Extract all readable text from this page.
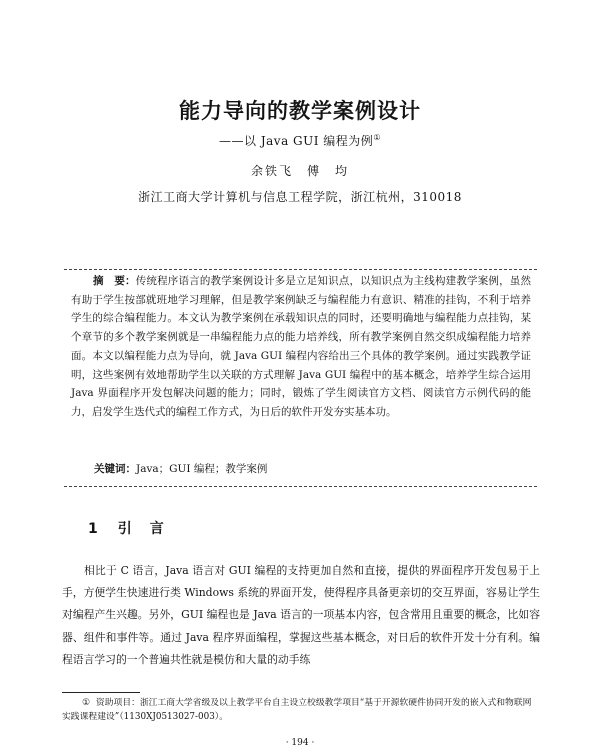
能力导向的教学案例设计
——以 Java GUI 编程为例①
余铁飞　傅　均
浙江工商大学计算机与信息工程学院，浙江杭州，310018
摘　要：传统程序语言的教学案例设计多是立足知识点，以知识点为主线构建教学案例，虽然有助于学生按部就班地学习理解，但是教学案例缺乏与编程能力有意识、精准的挂钩，不利于培养学生的综合编程能力。本文认为教学案例在承载知识点的同时，还要明确地与编程能力点挂钩，某个章节的多个教学案例就是一串编程能力点的能力培养线，所有教学案例自然交织成编程能力培养面。本文以编程能力点为导向，就 Java GUI 编程内容给出三个具体的教学案例。通过实践教学证明，这些案例有效地帮助学生以关联的方式理解 Java GUI 编程中的基本概念，培养学生综合运用 Java 界面程序开发包解决问题的能力；同时，锻炼了学生阅读官方文档、阅读官方示例代码的能力，启发学生迭代式的编程工作方式，为日后的软件开发夯实基本功。
关键词：Java；GUI 编程；教学案例
1 引　言
相比于 C 语言，Java 语言对 GUI 编程的支持更加自然和直接，提供的界面程序开发包易于上手，方便学生快速进行类 Windows 系统的界面开发，使得程序具备更亲切的交互界面，容易让学生对编程产生兴趣。另外，GUI 编程也是 Java 语言的一项基本内容，包含常用且重要的概念，比如容器、组件和事件等。通过 Java 程序界面编程，掌握这些基本概念，对日后的软件开发十分有利。编程语言学习的一个普遍共性就是模仿和大量的动手练
① 资助项目：浙江工商大学省级及以上教学平台自主设立校级教学项目“基于开源软硬件协同开发的嵌入式和物联网实践课程建设”（1130XJ0513027-003）。
· 194 ·
